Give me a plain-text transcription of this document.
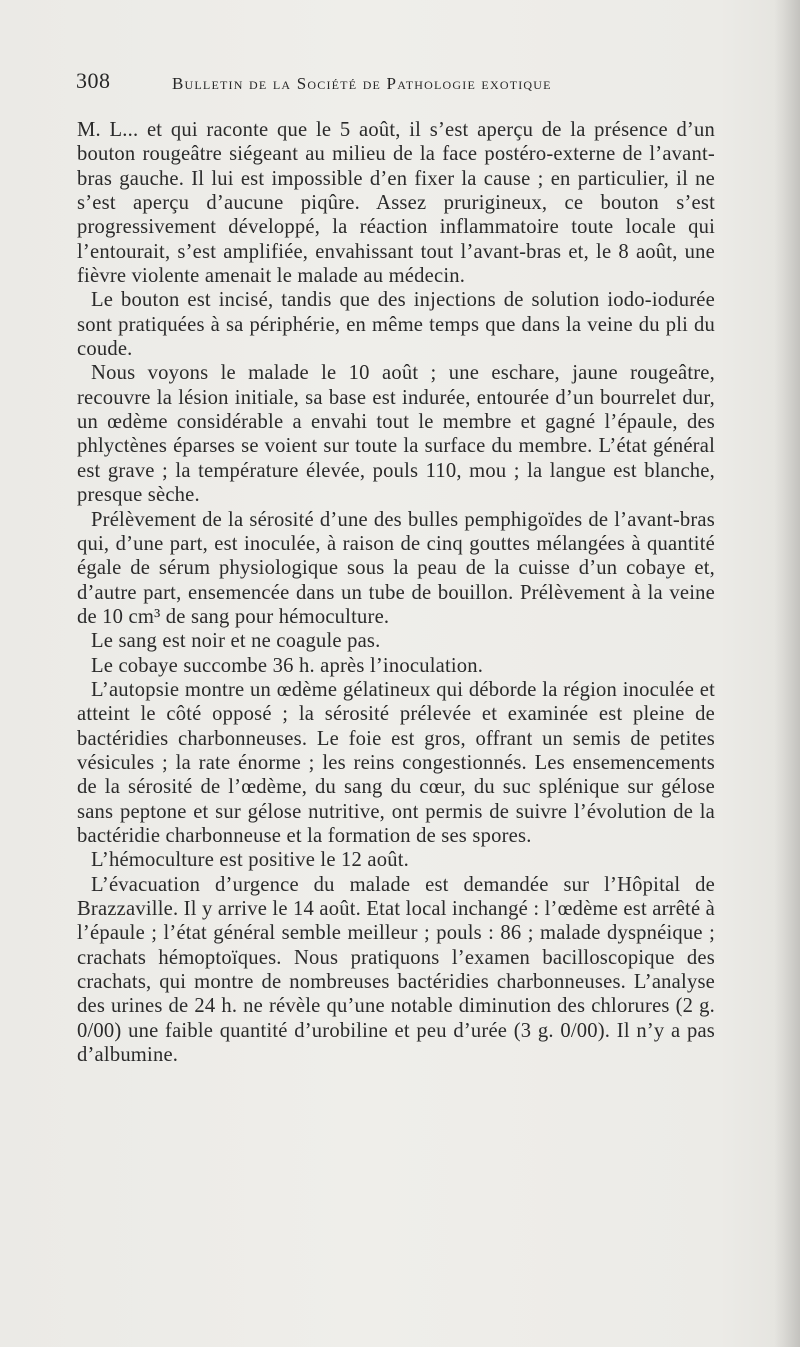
308	Bulletin de la Société de Pathologie exotique

M. L... et qui raconte que le 5 août, il s’est aperçu de la présence d’un bouton rougeâtre siégeant au milieu de la face postéro-externe de l’avant-bras gauche. Il lui est impossible d’en fixer la cause ; en particulier, il ne s’est aperçu d’aucune piqûre. Assez prurigineux, ce bouton s’est progressivement développé, la réaction inflammatoire toute locale qui l’entourait, s’est amplifiée, envahissant tout l’avant-bras et, le 8 août, une fièvre violente amenait le malade au médecin.

Le bouton est incisé, tandis que des injections de solution iodo-iodurée sont pratiquées à sa périphérie, en même temps que dans la veine du pli du coude.

Nous voyons le malade le 10 août ; une eschare, jaune rougeâtre, recouvre la lésion initiale, sa base est indurée, entourée d’un bourrelet dur, un œdème considérable a envahi tout le membre et gagné l’épaule, des phlyctènes éparses se voient sur toute la surface du membre. L’état général est grave ; la température élevée, pouls 110, mou ; la langue est blanche, presque sèche.

Prélèvement de la sérosité d’une des bulles pemphigoïdes de l’avant-bras qui, d’une part, est inoculée, à raison de cinq gouttes mélangées à quantité égale de sérum physiologique sous la peau de la cuisse d’un cobaye et, d’autre part, ensemencée dans un tube de bouillon. Prélèvement à la veine de 10 cm³ de sang pour hémoculture.

Le sang est noir et ne coagule pas.

Le cobaye succombe 36 h. après l’inoculation.

L’autopsie montre un œdème gélatineux qui déborde la région inoculée et atteint le côté opposé ; la sérosité prélevée et examinée est pleine de bactéridies charbonneuses. Le foie est gros, offrant un semis de petites vésicules ; la rate énorme ; les reins congestionnés. Les ensemencements de la sérosité de l’œdème, du sang du cœur, du suc splénique sur gélose sans peptone et sur gélose nutritive, ont permis de suivre l’évolution de la bactéridie charbonneuse et la formation de ses spores.

L’hémoculture est positive le 12 août.

L’évacuation d’urgence du malade est demandée sur l’Hôpital de Brazzaville. Il y arrive le 14 août. Etat local inchangé : l’œdème est arrêté à l’épaule ; l’état général semble meilleur ; pouls : 86 ; malade dyspnéique ; crachats hémoptoïques. Nous pratiquons l’examen bacilloscopique des crachats, qui montre de nombreuses bactéridies charbonneuses. L’analyse des urines de 24 h. ne révèle qu’une notable diminution des chlorures (2 g. 0/00) une faible quantité d’urobiline et peu d’urée (3 g. 0/00). Il n’y a pas d’albumine.
